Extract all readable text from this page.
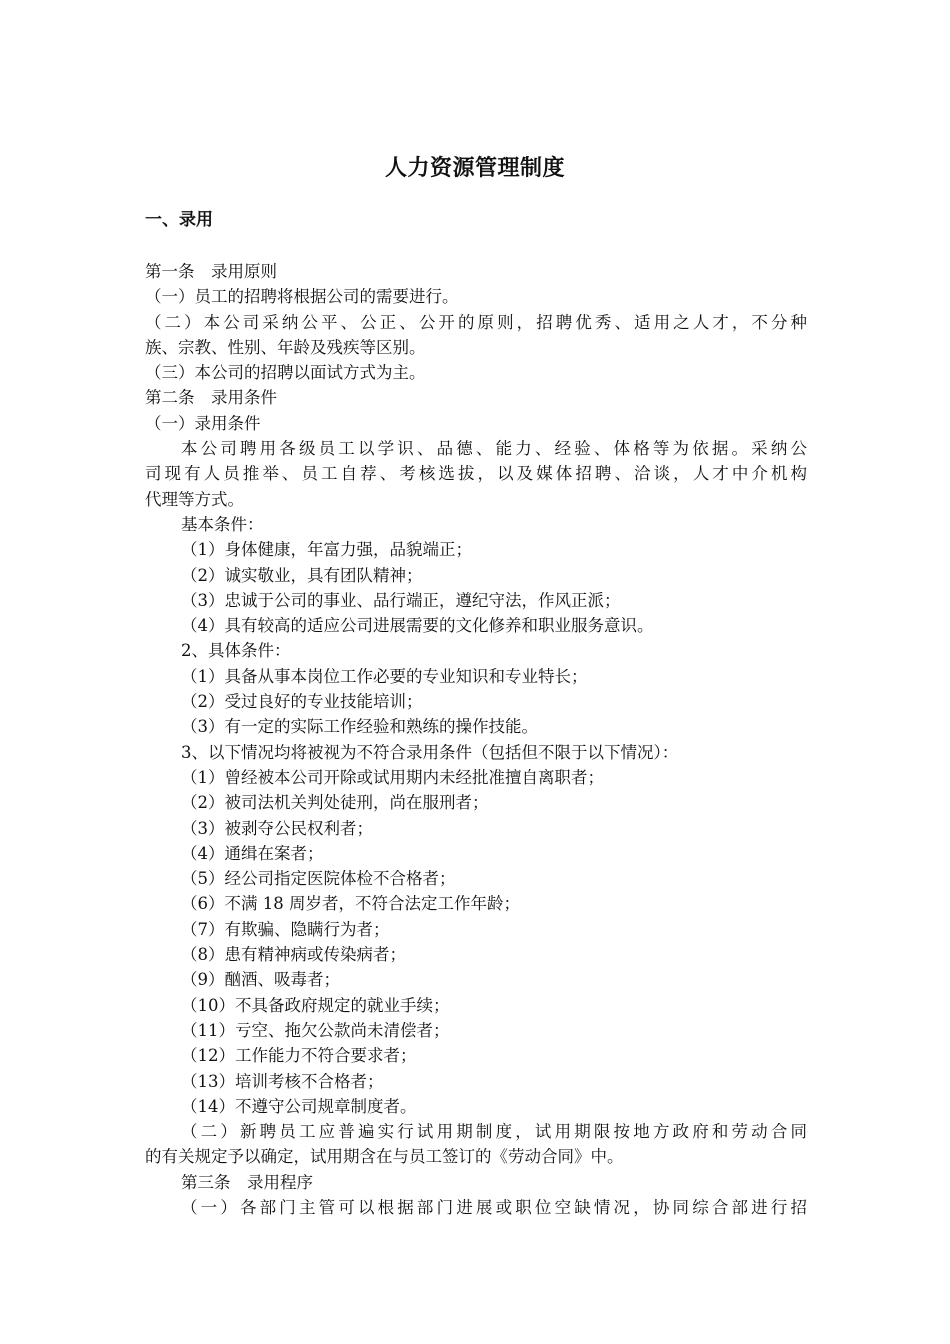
人力资源管理制度
一、录用
第一条　录用原则
（一）员工的招聘将根据公司的需要进行。
（二）本公司采纳公平、公正、公开的原则，招聘优秀、适用之人才，不分种
族、宗教、性别、年龄及残疾等区别。
（三）本公司的招聘以面试方式为主。
第二条　录用条件
（一）录用条件
本公司聘用各级员工以学识、品德、能力、经验、体格等为依据。采纳公
司现有人员推举、员工自荐、考核选拔，以及媒体招聘、洽谈，人才中介机构
代理等方式。
基本条件：
（1）身体健康，年富力强，品貌端正；
（2）诚实敬业，具有团队精神；
（3）忠诚于公司的事业、品行端正，遵纪守法，作风正派；
（4）具有较高的适应公司进展需要的文化修养和职业服务意识。
2、具体条件：
（1）具备从事本岗位工作必要的专业知识和专业特长；
（2）受过良好的专业技能培训；
（3）有一定的实际工作经验和熟练的操作技能。
3、以下情况均将被视为不符合录用条件（包括但不限于以下情况）：
（1）曾经被本公司开除或试用期内未经批准擅自离职者；
（2）被司法机关判处徒刑，尚在服刑者；
（3）被剥夺公民权利者；
（4）通缉在案者；
（5）经公司指定医院体检不合格者；
（6）不满 18 周岁者，不符合法定工作年龄；
（7）有欺骗、隐瞒行为者；
（8）患有精神病或传染病者；
（9）酗酒、吸毒者；
（10）不具备政府规定的就业手续；
（11）亏空、拖欠公款尚未清偿者；
（12）工作能力不符合要求者；
（13）培训考核不合格者；
（14）不遵守公司规章制度者。
（二）新聘员工应普遍实行试用期制度，试用期限按地方政府和劳动合同
的有关规定予以确定，试用期含在与员工签订的《劳动合同》中。
第三条　录用程序
（一）各部门主管可以根据部门进展或职位空缺情况，协同综合部进行招
